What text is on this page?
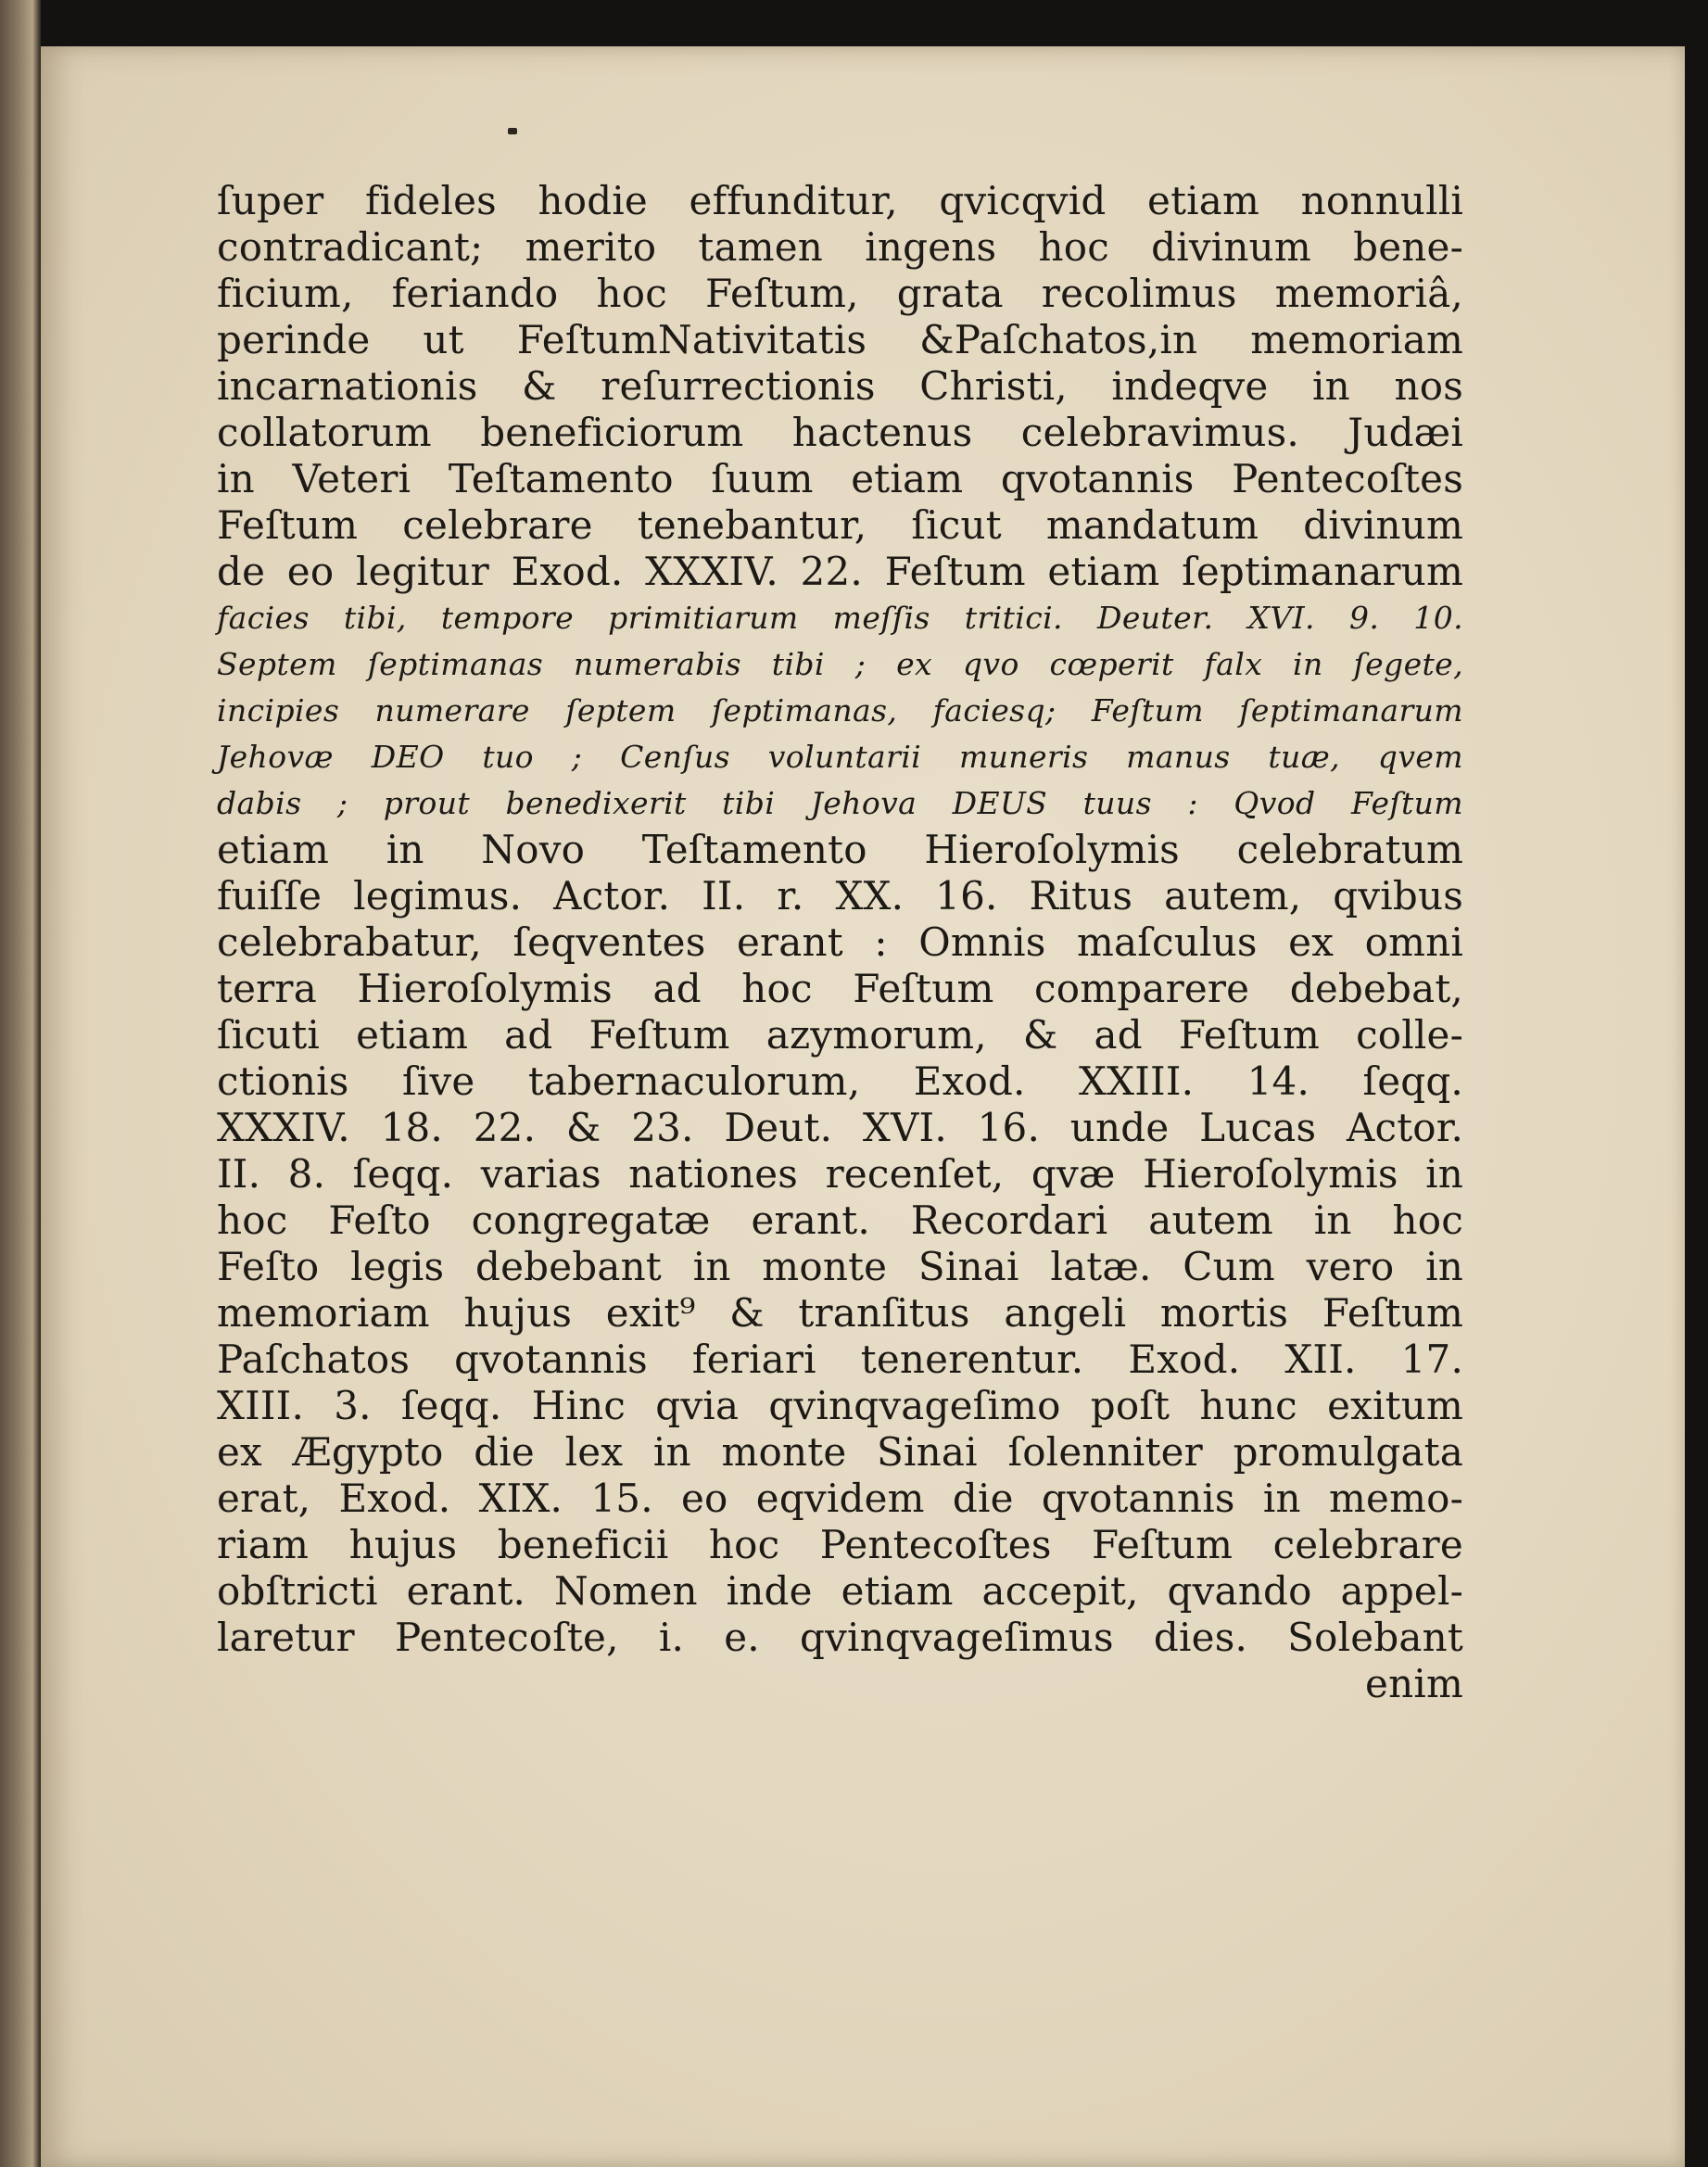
ſuper fideles hodie effunditur, qvicqvid etiam nonnulli
contradicant; merito tamen ingens hoc divinum bene-
ficium, feriando hoc Feſtum, grata recolimus memoriâ,
perinde ut FeſtumNativitatis &Paſchatos,in memoriam
incarnationis & reſurrectionis Christi, indeqve in nos
collatorum beneficiorum hactenus celebravimus. Judæi
in Veteri Teſtamento ſuum etiam qvotannis Pentecoſtes
Feſtum celebrare tenebantur, ſicut mandatum divinum
de eo legitur Exod. XXXIV. 22. Feſtum etiam ſeptimanarum
facies tibi, tempore primitiarum meſſis tritici. Deuter. XVI. 9. 10.
Septem ſeptimanas numerabis tibi ; ex qvo cœperit falx in ſegete,
incipies numerare ſeptem ſeptimanas, faciesq; Feſtum ſeptimanarum
Jehovæ DEO tuo ; Cenſus voluntarii muneris manus tuæ, qvem
dabis ; prout benedixerit tibi Jehova DEUS tuus : Qvod Feſtum
etiam in Novo Teſtamento Hieroſolymis celebratum
fuiſſe legimus. Actor. II. r. XX. 16. Ritus autem, qvibus
celebrabatur, ſeqventes erant : Omnis maſculus ex omni
terra Hieroſolymis ad hoc Feſtum comparere debebat,
ſicuti etiam ad Feſtum azymorum, & ad Feſtum colle-
ctionis ſive tabernaculorum, Exod. XXIII. 14. ſeqq.
XXXIV. 18. 22. & 23. Deut. XVI. 16. unde Lucas Actor.
II. 8. ſeqq. varias nationes recenſet, qvæ Hieroſolymis in
hoc Feſto congregatæ erant. Recordari autem in hoc
Feſto legis debebant in monte Sinai latæ. Cum vero in
memoriam hujus exit⁹ & tranſitus angeli mortis Feſtum
Paſchatos qvotannis feriari tenerentur. Exod. XII. 17.
XIII. 3. ſeqq. Hinc qvia qvinqvageſimo poſt hunc exitum
ex Ægypto die lex in monte Sinai ſolenniter promulgata
erat, Exod. XIX. 15. eo eqvidem die qvotannis in memo-
riam hujus beneficii hoc Pentecoſtes Feſtum celebrare
obſtricti erant. Nomen inde etiam accepit, qvando appel-
laretur Pentecoſte, i. e. qvinqvageſimus dies. Solebant
enim
